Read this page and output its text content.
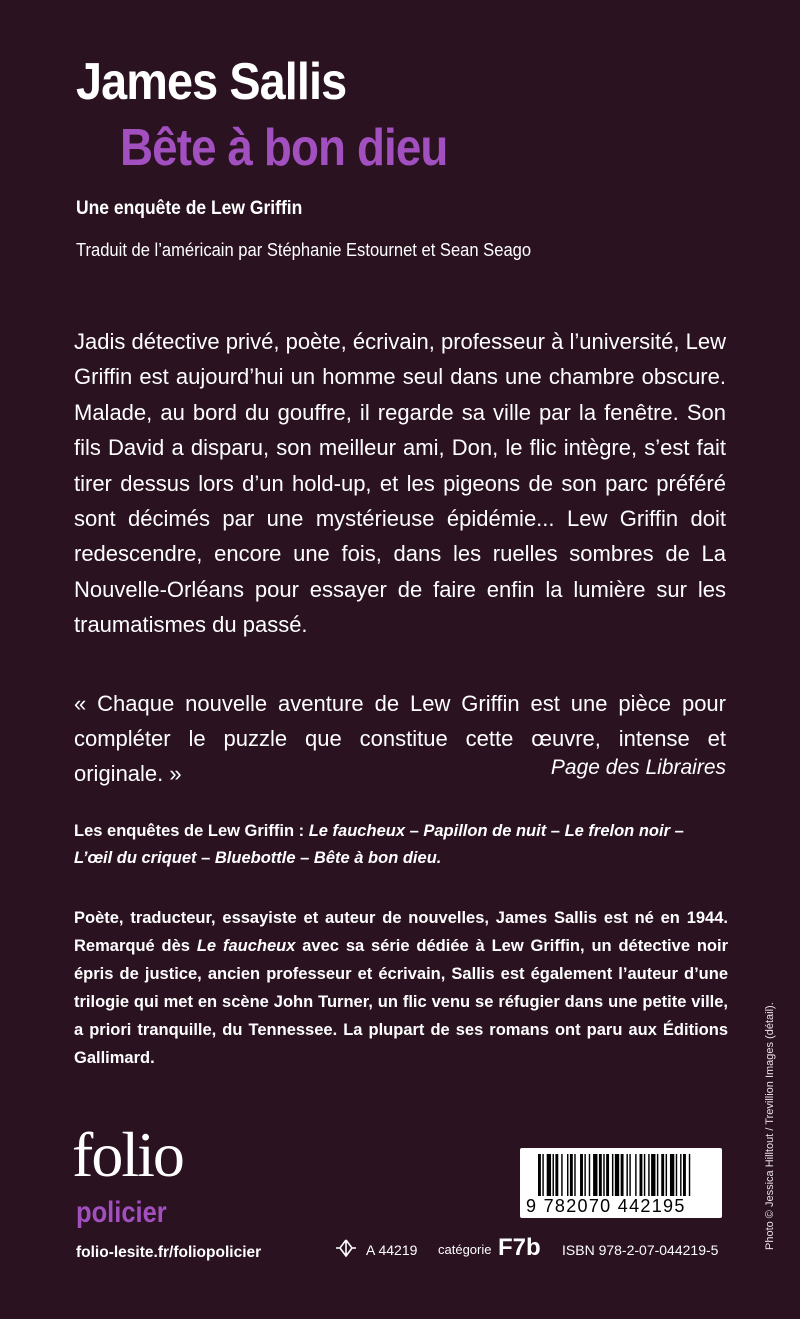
James Sallis
Bête à bon dieu
Une enquête de Lew Griffin
Traduit de l’américain par Stéphanie Estournet et Sean Seago
Jadis détective privé, poète, écrivain, professeur à l’université, Lew Griffin est aujourd’hui un homme seul dans une chambre obscure. Malade, au bord du gouffre, il regarde sa ville par la fenêtre. Son fils David a disparu, son meilleur ami, Don, le flic intègre, s’est fait tirer dessus lors d’un hold-up, et les pigeons de son parc préféré sont décimés par une mystérieuse épidémie... Lew Griffin doit redescendre, encore une fois, dans les ruelles sombres de La Nouvelle-Orléans pour essayer de faire enfin la lumière sur les traumatismes du passé.
« Chaque nouvelle aventure de Lew Griffin est une pièce pour compléter le puzzle que constitue cette œuvre, intense et originale. »	Page des Libraires
Les enquêtes de Lew Griffin : Le faucheux – Papillon de nuit – Le frelon noir –
L’œil du criquet – Bluebottle – Bête à bon dieu.
Poète, traducteur, essayiste et auteur de nouvelles, James Sallis est né en 1944. Remarqué dès Le faucheux avec sa série dédiée à Lew Griffin, un détective noir épris de justice, ancien professeur et écrivain, Sallis est également l’auteur d’une trilogie qui met en scène John Turner, un flic venu se réfugier dans une petite ville, a priori tranquille, du Tennessee. La plupart de ses romans ont paru aux Éditions Gallimard.	Photo © Jessica Hilltout / Trevillion Images (détail).
folio
policier
folio-lesite.fr/foliopolicier
9 782070 442195
A 44219 catégorie F7b ISBN 978-2-07-044219-5
